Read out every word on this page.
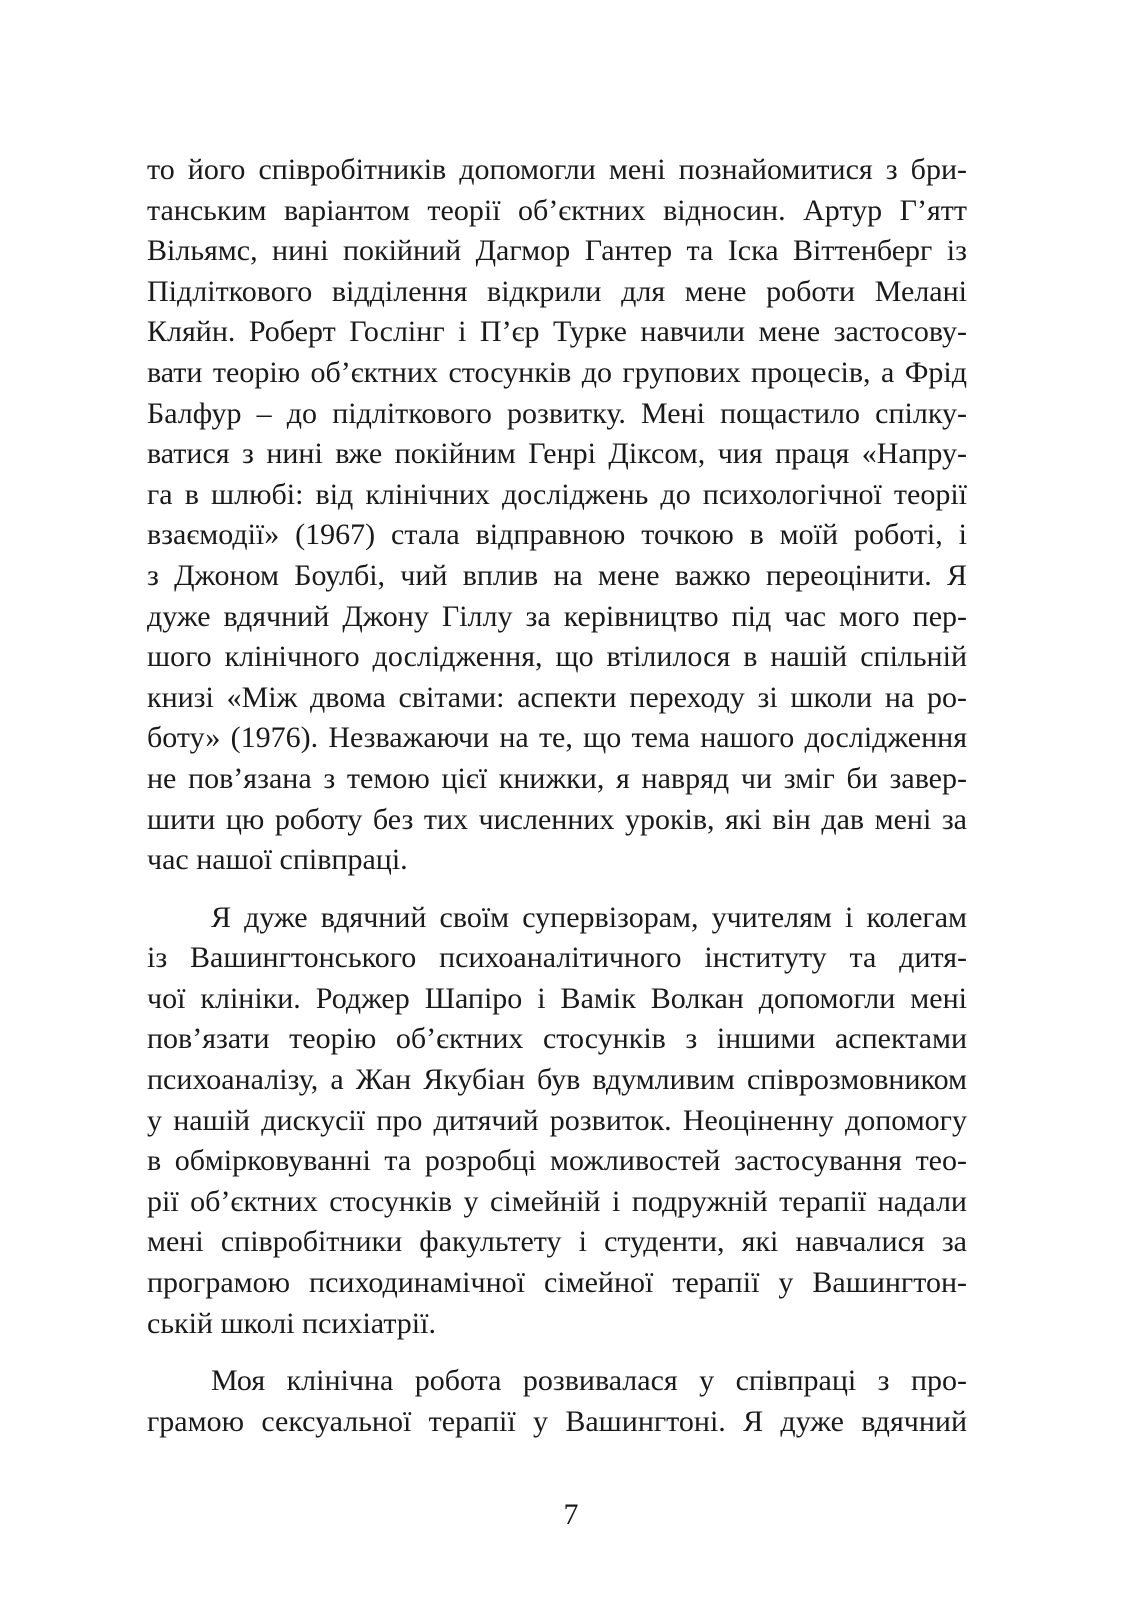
то його співробітників допомогли мені познайомитися з бри-
танським варіантом теорії об’єктних відносин. Артур Г’ятт
Вільямс, нині покійний Дагмор Гантер та Іска Віттенберг із
Підліткового відділення відкрили для мене роботи Мелані
Кляйн. Роберт Гослінг і П’єр Турке навчили мене застосову-
вати теорію об’єктних стосунків до групових процесів, а Фрід
Балфур – до підліткового розвитку. Мені пощастило спілку-
ватися з нині вже покійним Генрі Діксом, чия праця «Напру-
га в шлюбі: від клінічних досліджень до психологічної теорії
взаємодії» (1967) стала відправною точкою в моїй роботі, і
з Джоном Боулбі, чий вплив на мене важко переоцінити. Я
дуже вдячний Джону Гіллу за керівництво під час мого пер-
шого клінічного дослідження, що втілилося в нашій спільній
книзі «Між двома світами: аспекти переходу зі школи на ро-
боту» (1976). Незважаючи на те, що тема нашого дослідження
не пов’язана з темою цієї книжки, я навряд чи зміг би завер-
шити цю роботу без тих численних уроків, які він дав мені за
час нашої співпраці.

Я дуже вдячний своїм супервізорам, учителям і колегам
із Вашингтонського психоаналітичного інституту та дитя-
чої клініки. Роджер Шапіро і Вамік Волкан допомогли мені
пов’язати теорію об’єктних стосунків з іншими аспектами
психоаналізу, а Жан Якубіан був вдумливим співрозмовником
у нашій дискусії про дитячий розвиток. Неоціненну допомогу
в обмірковуванні та розробці можливостей застосування тео-
рії об’єктних стосунків у сімейній і подружній терапії надали
мені співробітники факультету і студенти, які навчалися за
програмою психодинамічної сімейної терапії у Вашингтон-
ській школі психіатрії.

Моя клінічна робота розвивалася у співпраці з про-
грамою сексуальної терапії у Вашингтоні. Я дуже вдячний

7
